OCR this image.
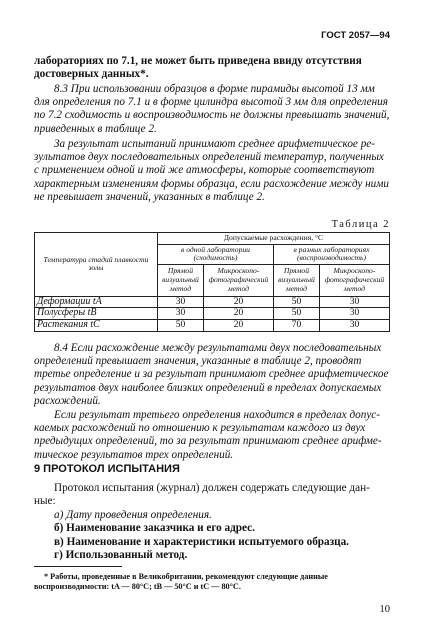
ГОСТ 2057—94
лабораториях по 7.1, не может быть приведена ввиду отсутствия
достоверных данных*.
8.3 При использовании образцов в форме пирамиды высотой 13 мм
для определения по 7.1 и в форме цилиндра высотой 3 мм для определения
по 7.2 сходимость и воспроизводимость не должны превышать значений,
приведенных в таблице 2.
За результат испытаний принимают среднее арифметическое ре-
зультатов двух последовательных определений температур, полученных
с применением одной и той же атмосферы, которые соответствуют
характерным изменениям формы образца, если расхождение между ними
не превышает значений, указанных в таблице 2.
Таблица 2
Температура стадий плавкости золы	Допускаемые расхождения, °С			
	в одной лаборатории (сходимость)		в разных лабораториях (воспроизводимость)	
	Прямой визуальный метод	Микроскопо-фотографический метод	Прямой визуальный метод	Микроскопо-фотографический метод
Деформации tA	30	20	50	30
Полусферы tB	30	20	50	30
Растекания tC	50	20	70	30
8.4 Если расхождение между результатами двух последовательных
определений превышает значения, указанные в таблице 2, проводят
третье определение и за результат принимают среднее арифметическое
результатов двух наиболее близких определений в пределах допускаемых
расхождений.
Если результат третьего определения находится в пределах допус-
каемых расхождений по отношению к результатам каждого из двух
предыдущих определений, то за результат принимают среднее арифме-
тическое результатов трех определений.
9 ПРОТОКОЛ ИСПЫТАНИЯ
Протокол испытания (журнал) должен содержать следующие дан-
ные:
а) Дату проведения определения.
б) Наименование заказчика и его адрес.
в) Наименование и характеристики испытуемого образца.
г) Использованный метод.
* Работы, проведенные в Великобритании, рекомендуют следующие данные
воспроизводимости: tA — 80°С; tB — 50°С и tC — 80°С.
10
